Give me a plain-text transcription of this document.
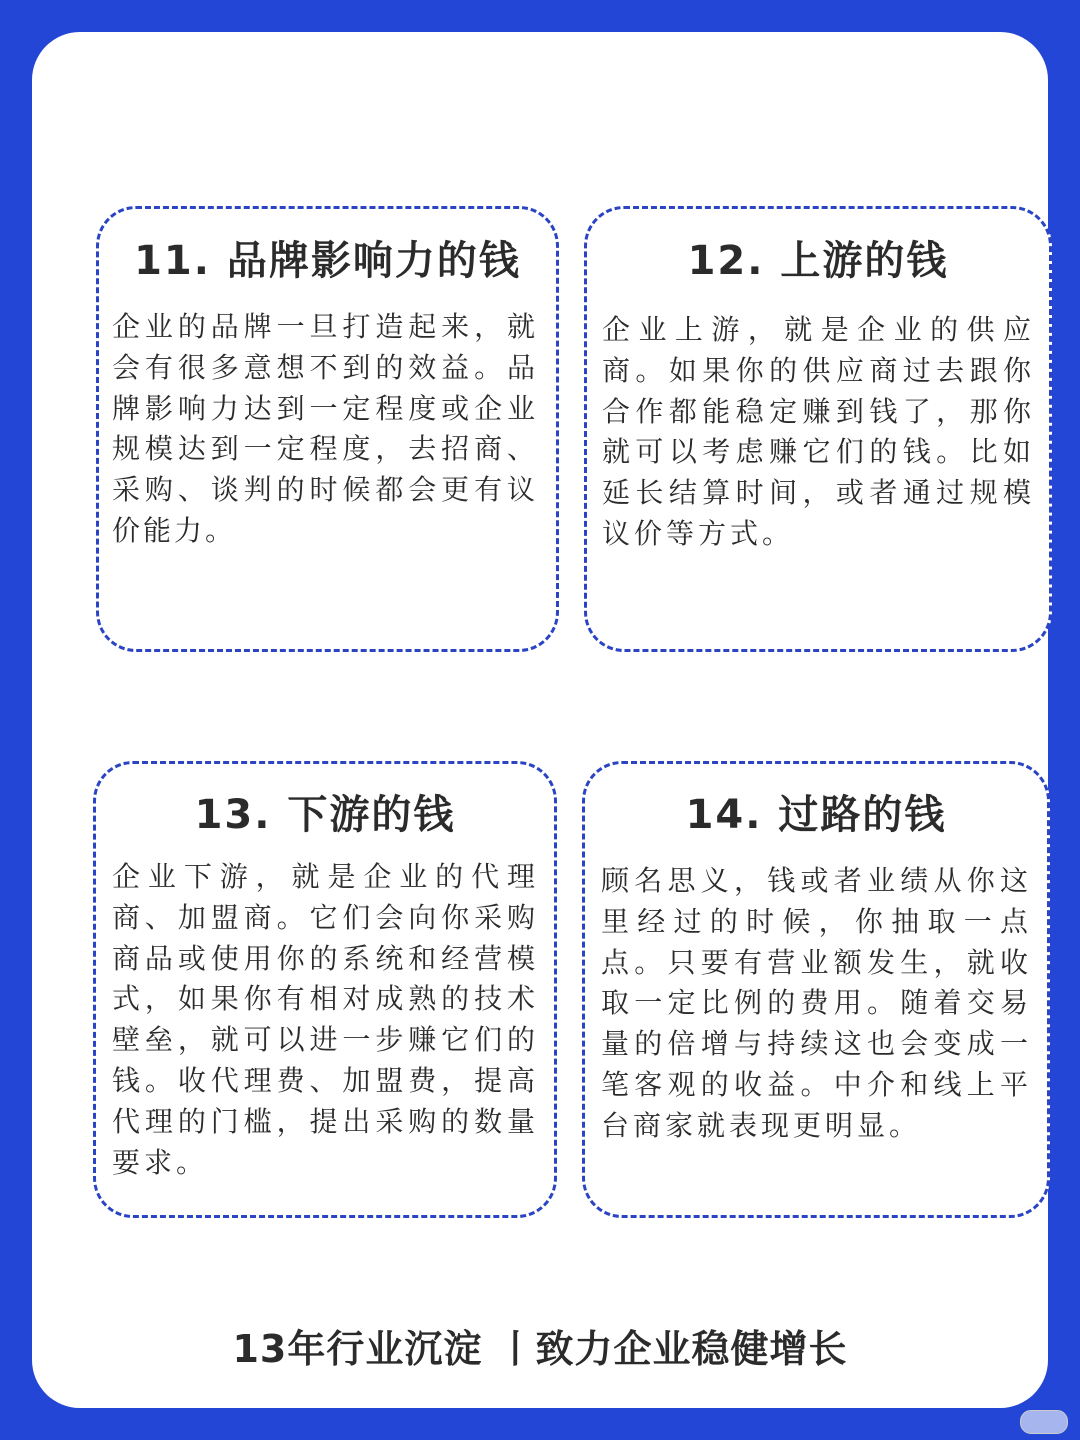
11. 品牌影响力的钱
企业的品牌一旦打造起来，就会有很多意想不到的效益。品牌影响力达到一定程度或企业规模达到一定程度，去招商、采购、谈判的时候都会更有议价能力。
12. 上游的钱
企业上游，就是企业的供应商。如果你的供应商过去跟你合作都能稳定赚到钱了，那你就可以考虑赚它们的钱。比如延长结算时间，或者通过规模议价等方式。
13. 下游的钱
企业下游，就是企业的代理商、加盟商。它们会向你采购商品或使用你的系统和经营模式，如果你有相对成熟的技术壁垒，就可以进一步赚它们的钱。收代理费、加盟费，提高代理的门槛，提出采购的数量要求。
14. 过路的钱
顾名思义，钱或者业绩从你这里经过的时候，你抽取一点点。只要有营业额发生，就收取一定比例的费用。随着交易量的倍增与持续这也会变成一笔客观的收益。中介和线上平台商家就表现更明显。
13年行业沉淀 丨致力企业稳健增长
